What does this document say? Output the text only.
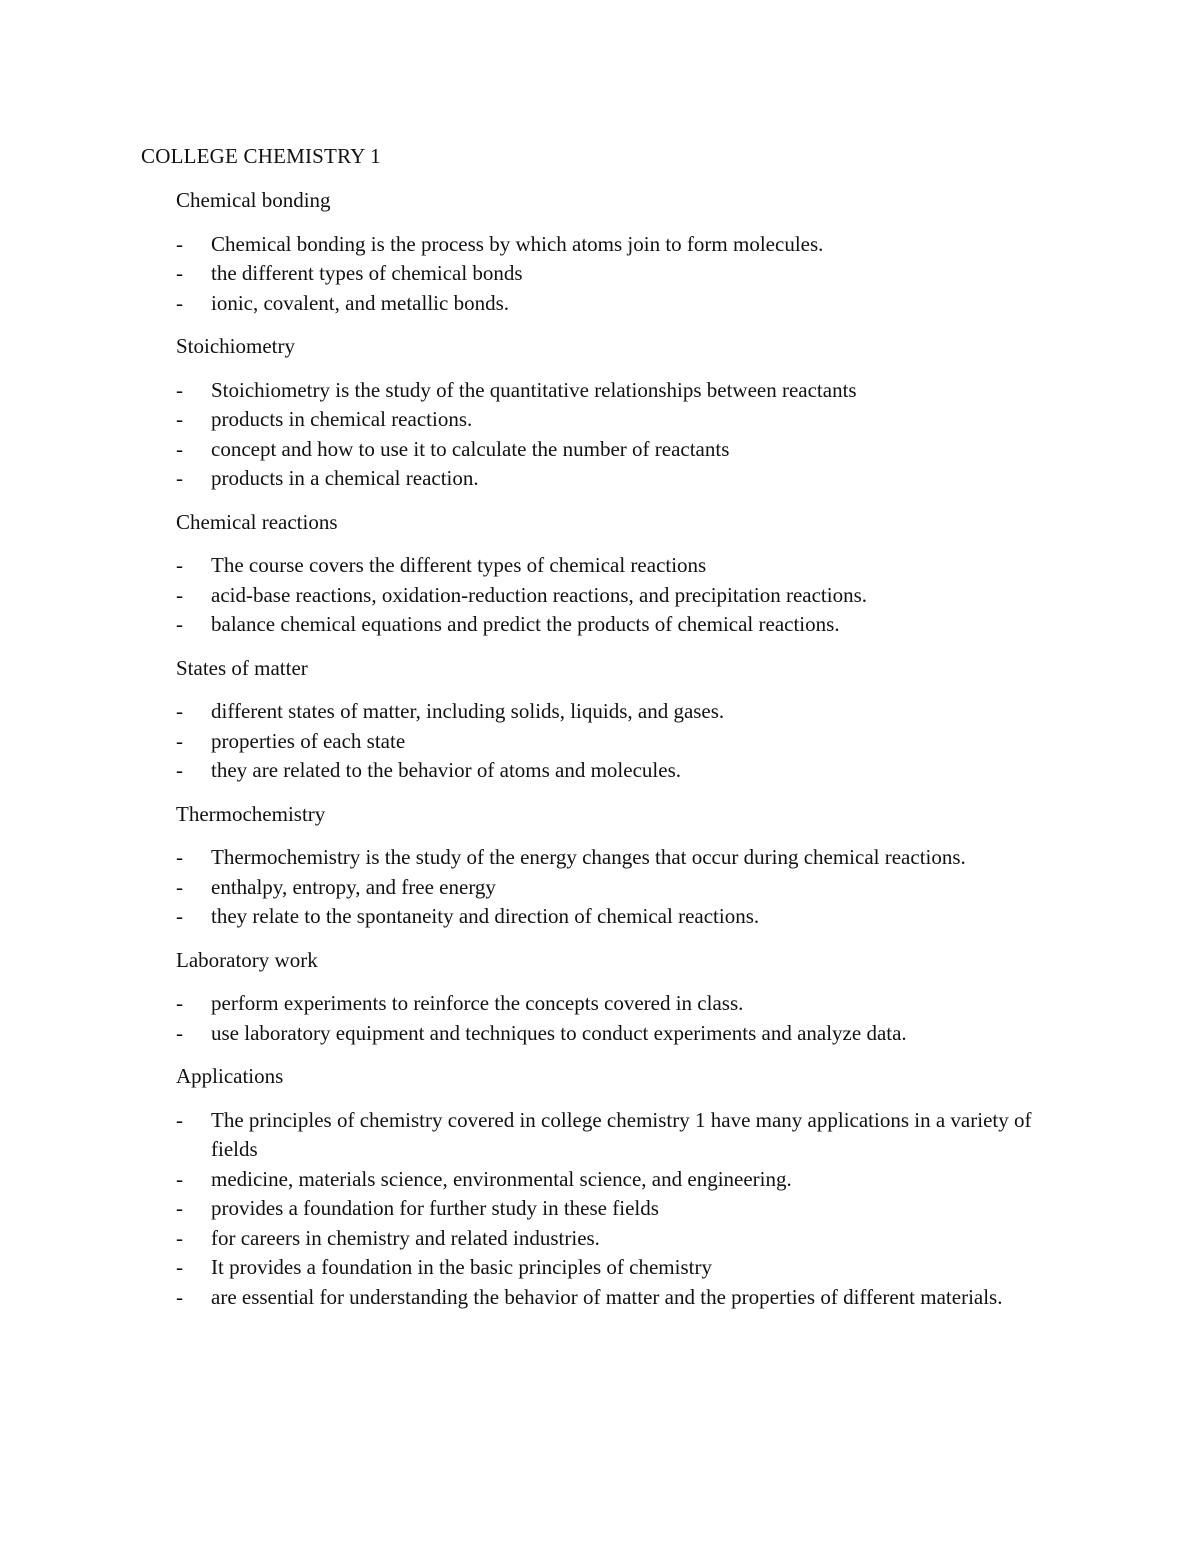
COLLEGE CHEMISTRY 1
Chemical bonding
-	Chemical bonding is the process by which atoms join to form molecules.
-	the different types of chemical bonds
-	ionic, covalent, and metallic bonds.
Stoichiometry
-	Stoichiometry is the study of the quantitative relationships between reactants
-	products in chemical reactions.
-	concept and how to use it to calculate the number of reactants
-	products in a chemical reaction.
Chemical reactions
-	The course covers the different types of chemical reactions
-	acid-base reactions, oxidation-reduction reactions, and precipitation reactions.
-	balance chemical equations and predict the products of chemical reactions.
States of matter
-	different states of matter, including solids, liquids, and gases.
-	properties of each state
-	they are related to the behavior of atoms and molecules.
Thermochemistry
-	Thermochemistry is the study of the energy changes that occur during chemical reactions.
-	enthalpy, entropy, and free energy
-	they relate to the spontaneity and direction of chemical reactions.
Laboratory work
-	perform experiments to reinforce the concepts covered in class.
-	use laboratory equipment and techniques to conduct experiments and analyze data.
Applications
-	The principles of chemistry covered in college chemistry 1 have many applications in a variety of fields
-	medicine, materials science, environmental science, and engineering.
-	provides a foundation for further study in these fields
-	for careers in chemistry and related industries.
-	It provides a foundation in the basic principles of chemistry
-	are essential for understanding the behavior of matter and the properties of different materials.
